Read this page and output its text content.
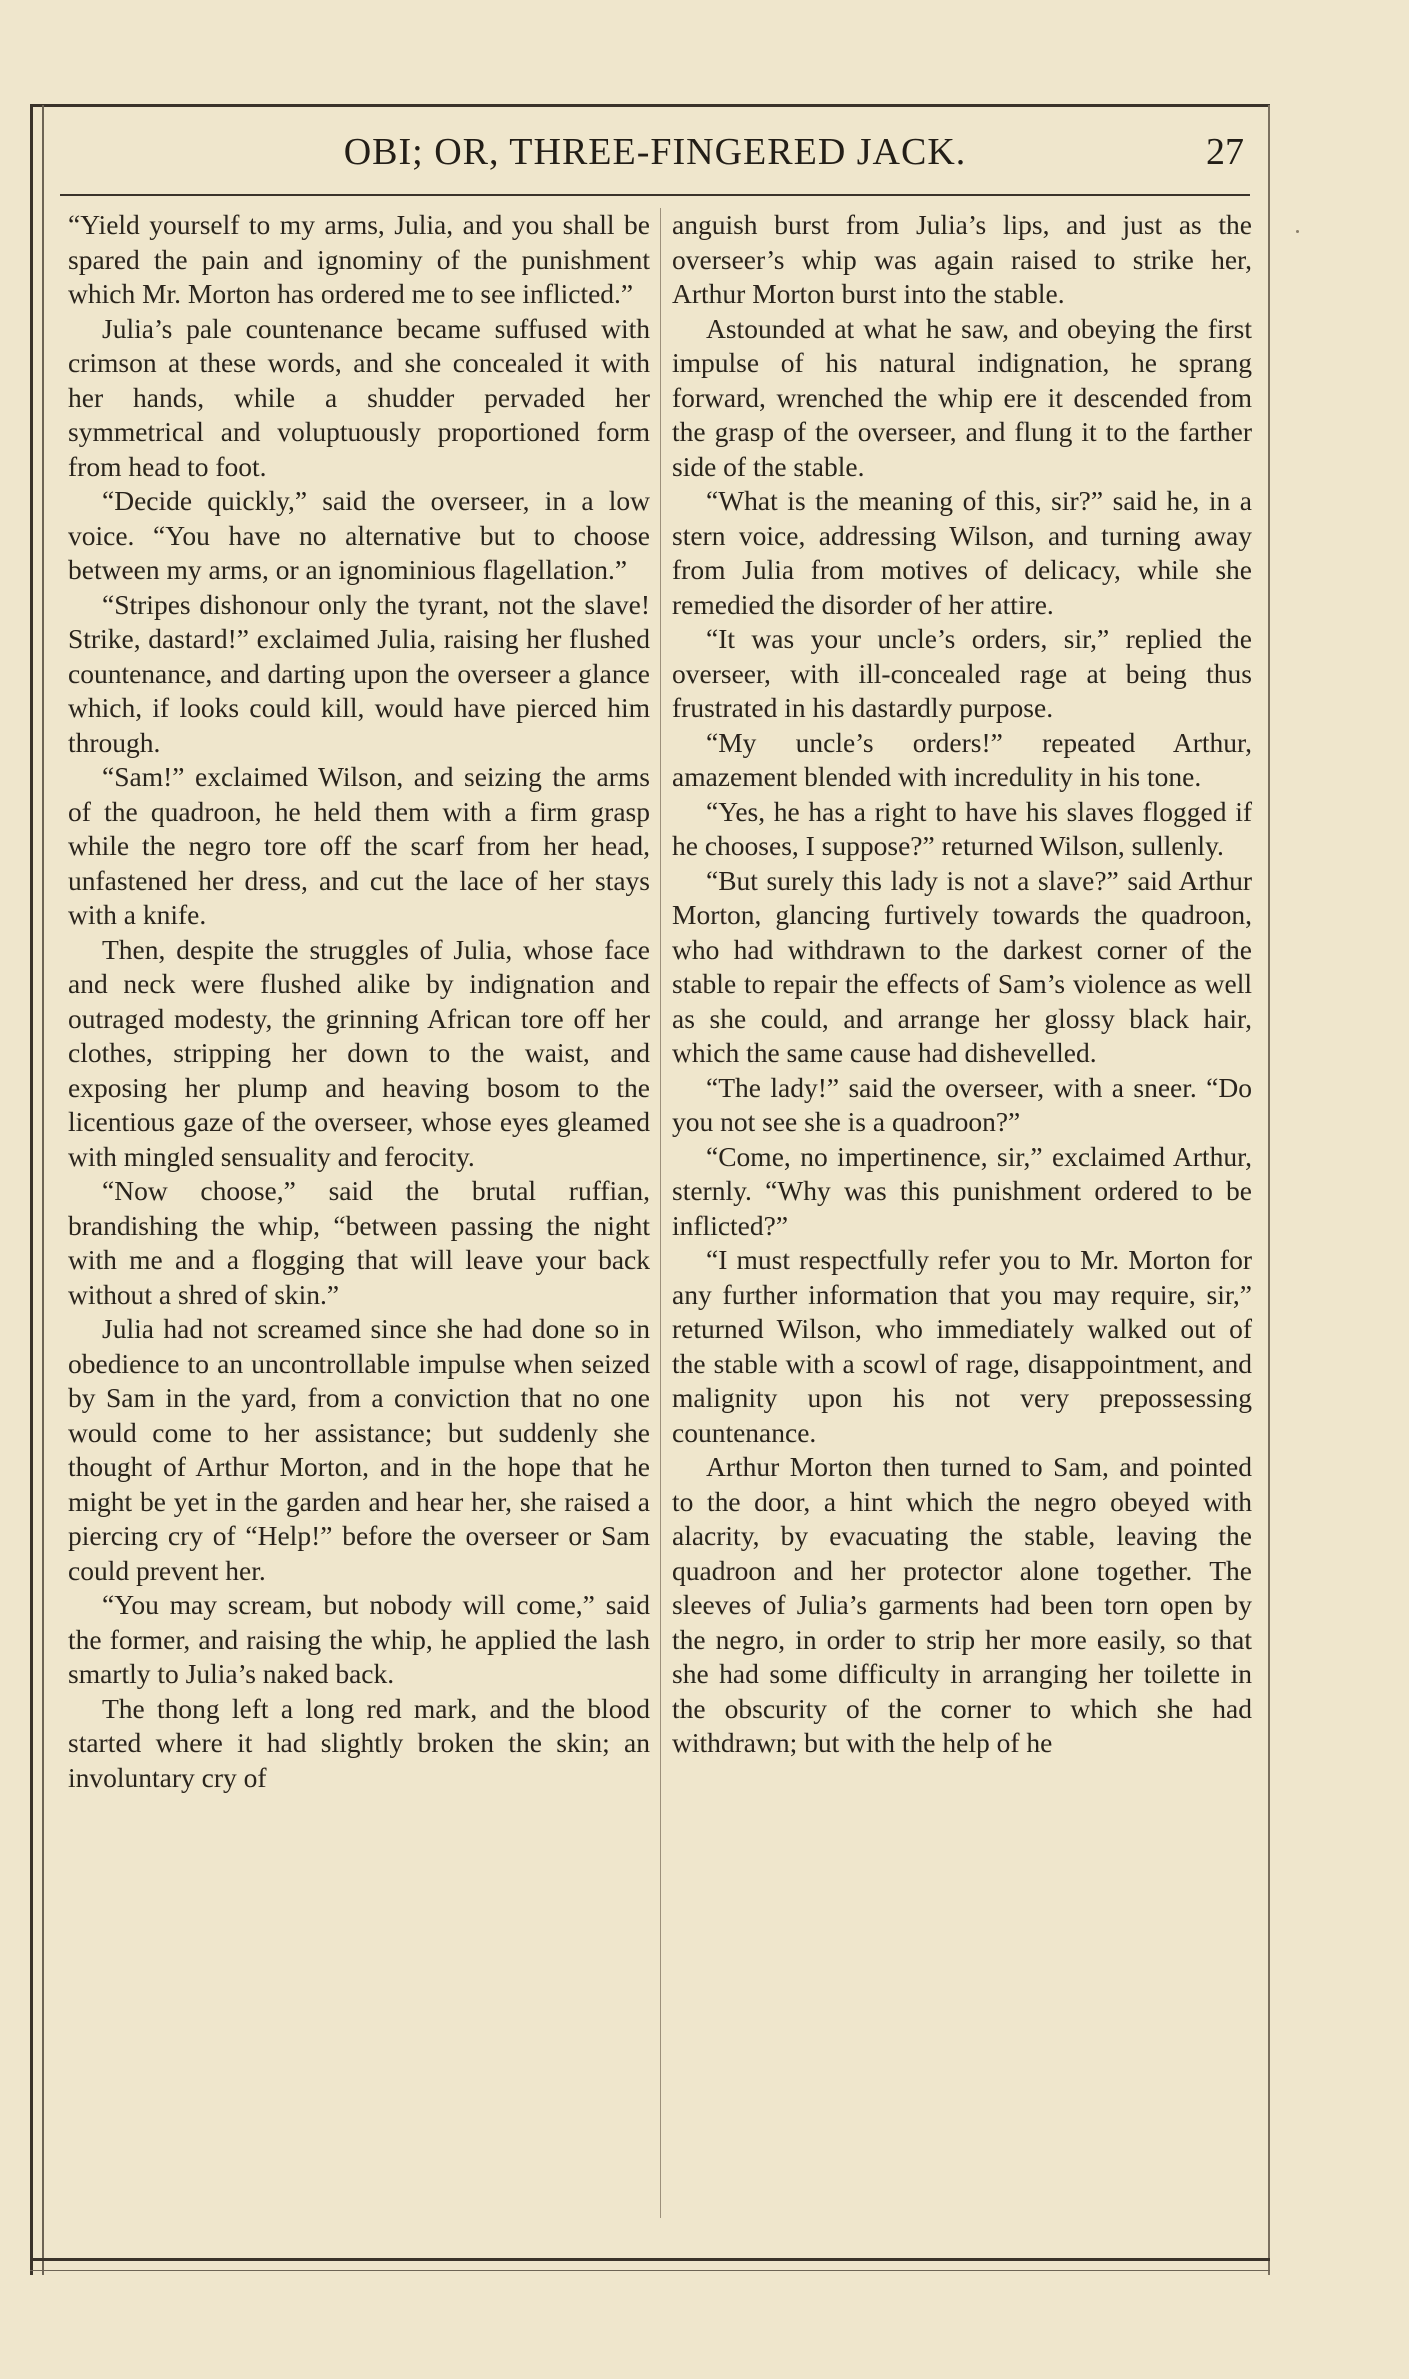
OBI; OR, THREE-FINGERED JACK.	27

“Yield yourself to my arms, Julia, and you shall be spared the pain and ignominy of the punishment which Mr. Morton has ordered me to see inflicted.”

Julia’s pale countenance became suffused with crimson at these words, and she concealed it with her hands, while a shudder pervaded her symmetrical and voluptuously proportioned form from head to foot.

“Decide quickly,” said the overseer, in a low voice. “You have no alternative but to choose between my arms, or an ignominious flagellation.”

“Stripes dishonour only the tyrant, not the slave! Strike, dastard!” exclaimed Julia, raising her flushed countenance, and darting upon the overseer a glance which, if looks could kill, would have pierced him through.

“Sam!” exclaimed Wilson, and seizing the arms of the quadroon, he held them with a firm grasp while the negro tore off the scarf from her head, unfastened her dress, and cut the lace of her stays with a knife.

Then, despite the struggles of Julia, whose face and neck were flushed alike by indignation and outraged modesty, the grinning African tore off her clothes, stripping her down to the waist, and exposing her plump and heaving bosom to the licentious gaze of the overseer, whose eyes gleamed with mingled sensuality and ferocity.

“Now choose,” said the brutal ruffian, brandishing the whip, “between passing the night with me and a flogging that will leave your back without a shred of skin.”

Julia had not screamed since she had done so in obedience to an uncontrollable impulse when seized by Sam in the yard, from a conviction that no one would come to her assistance; but suddenly she thought of Arthur Morton, and in the hope that he might be yet in the garden and hear her, she raised a piercing cry of “Help!” before the overseer or Sam could prevent her.

“You may scream, but nobody will come,” said the former, and raising the whip, he applied the lash smartly to Julia’s naked back.

The thong left a long red mark, and the blood started where it had slightly broken the skin; an involuntary cry of

anguish burst from Julia’s lips, and just as the overseer’s whip was again raised to strike her, Arthur Morton burst into the stable.

Astounded at what he saw, and obeying the first impulse of his natural indignation, he sprang forward, wrenched the whip ere it descended from the grasp of the overseer, and flung it to the farther side of the stable.

“What is the meaning of this, sir?” said he, in a stern voice, addressing Wilson, and turning away from Julia from motives of delicacy, while she remedied the disorder of her attire.

“It was your uncle’s orders, sir,” replied the overseer, with ill-concealed rage at being thus frustrated in his dastardly purpose.

“My uncle’s orders!” repeated Arthur, amazement blended with incredulity in his tone.

“Yes, he has a right to have his slaves flogged if he chooses, I suppose?” returned Wilson, sullenly.

“But surely this lady is not a slave?” said Arthur Morton, glancing furtively towards the quadroon, who had withdrawn to the darkest corner of the stable to repair the effects of Sam’s violence as well as she could, and arrange her glossy black hair, which the same cause had dishevelled.

“The lady!” said the overseer, with a sneer. “Do you not see she is a quadroon?”

“Come, no impertinence, sir,” exclaimed Arthur, sternly. “Why was this punishment ordered to be inflicted?”

“I must respectfully refer you to Mr. Morton for any further information that you may require, sir,” returned Wilson, who immediately walked out of the stable with a scowl of rage, disappointment, and malignity upon his not very prepossessing countenance.

Arthur Morton then turned to Sam, and pointed to the door, a hint which the negro obeyed with alacrity, by evacuating the stable, leaving the quadroon and her protector alone together. The sleeves of Julia’s garments had been torn open by the negro, in order to strip her more easily, so that she had some difficulty in arranging her toilette in the obscurity of the corner to which she had withdrawn; but with the help of he
